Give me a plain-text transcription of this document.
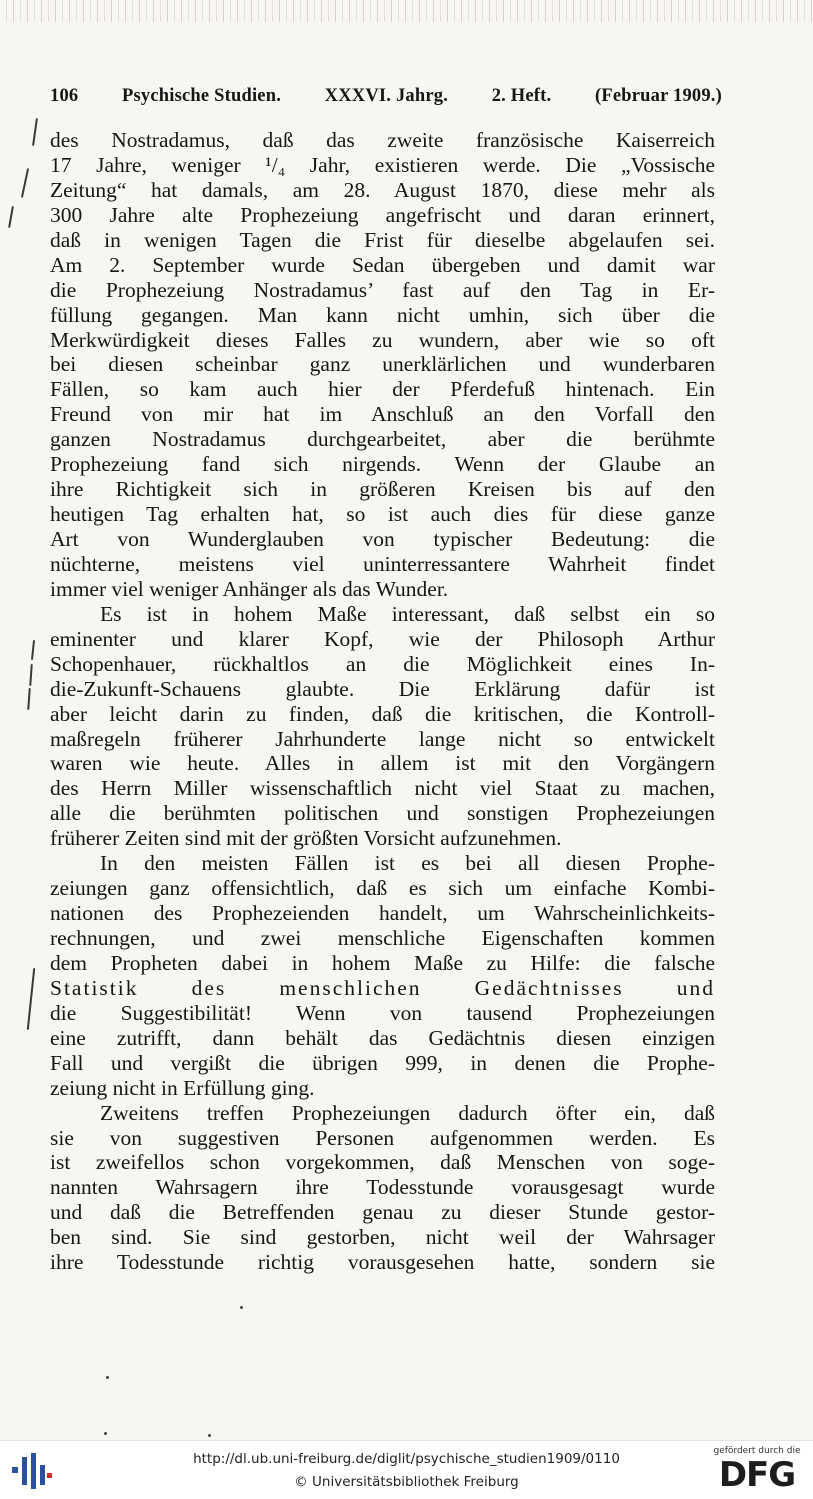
106 Psychische Studien. XXXVI. Jahrg. 2. Heft. (Februar 1909.)
des Nostradamus, daß das zweite französische Kaiserreich
17 Jahre, weniger ¹/₄ Jahr, existieren werde. Die „Vossische
Zeitung“ hat damals, am 28. August 1870, diese mehr als
300 Jahre alte Prophezeiung angefrischt und daran erinnert,
daß in wenigen Tagen die Frist für dieselbe abgelaufen sei.
Am 2. September wurde Sedan übergeben und damit war
die Prophezeiung Nostradamus’ fast auf den Tag in Er-
füllung gegangen. Man kann nicht umhin, sich über die
Merkwürdigkeit dieses Falles zu wundern, aber wie so oft
bei diesen scheinbar ganz unerklärlichen und wunderbaren
Fällen, so kam auch hier der Pferdefuß hintenach. Ein
Freund von mir hat im Anschluß an den Vorfall den
ganzen Nostradamus durchgearbeitet, aber die berühmte
Prophezeiung fand sich nirgends. Wenn der Glaube an
ihre Richtigkeit sich in größeren Kreisen bis auf den
heutigen Tag erhalten hat, so ist auch dies für diese ganze
Art von Wunderglauben von typischer Bedeutung: die
nüchterne, meistens viel uninterressantere Wahrheit findet
immer viel weniger Anhänger als das Wunder.
Es ist in hohem Maße interessant, daß selbst ein so
eminenter und klarer Kopf, wie der Philosoph Arthur
Schopenhauer, rückhaltlos an die Möglichkeit eines In-
die-Zukunft-Schauens glaubte. Die Erklärung dafür ist
aber leicht darin zu finden, daß die kritischen, die Kontroll-
maßregeln früherer Jahrhunderte lange nicht so entwickelt
waren wie heute. Alles in allem ist mit den Vorgängern
des Herrn Miller wissenschaftlich nicht viel Staat zu machen,
alle die berühmten politischen und sonstigen Prophezeiungen
früherer Zeiten sind mit der größten Vorsicht aufzunehmen.
In den meisten Fällen ist es bei all diesen Prophe-
zeiungen ganz offensichtlich, daß es sich um einfache Kombi-
nationen des Prophezeienden handelt, um Wahrscheinlichkeits-
rechnungen, und zwei menschliche Eigenschaften kommen
dem Propheten dabei in hohem Maße zu Hilfe: die falsche
Statistik des menschlichen Gedächtnisses und
die Suggestibilität! Wenn von tausend Prophezeiungen
eine zutrifft, dann behält das Gedächtnis diesen einzigen
Fall und vergißt die übrigen 999, in denen die Prophe-
zeiung nicht in Erfüllung ging.
Zweitens treffen Prophezeiungen dadurch öfter ein, daß
sie von suggestiven Personen aufgenommen werden. Es
ist zweifellos schon vorgekommen, daß Menschen von soge-
nannten Wahrsagern ihre Todesstunde vorausgesagt wurde
und daß die Betreffenden genau zu dieser Stunde gestor-
ben sind. Sie sind gestorben, nicht weil der Wahrsager
ihre Todesstunde richtig vorausgesehen hatte, sondern sie
http://dl.ub.uni-freiburg.de/diglit/psychische_studien1909/0110
© Universitätsbibliothek Freiburg
gefördert durch die
DFG
